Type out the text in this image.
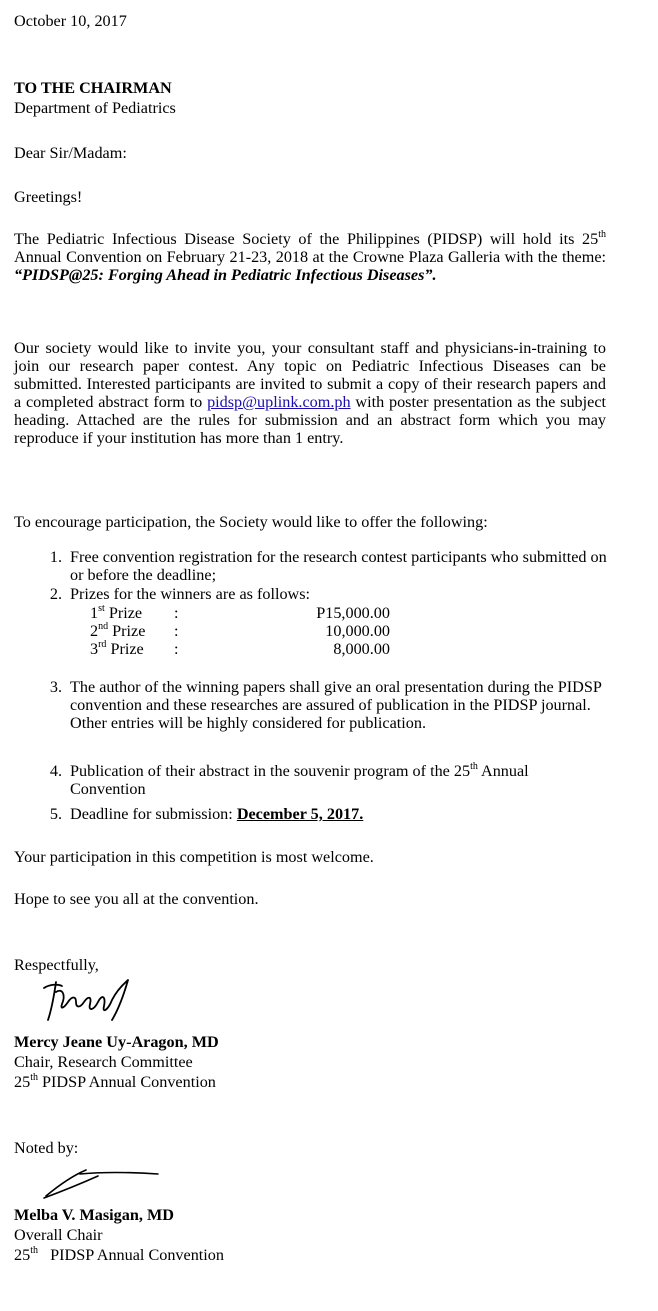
October 10, 2017
TO THE CHAIRMAN
Department of Pediatrics
Dear Sir/Madam:
Greetings!
The Pediatric Infectious Disease Society of the Philippines (PIDSP) will hold its 25th Annual Convention on February 21-23, 2018 at the Crowne Plaza Galleria with the theme: “PIDSP@25: Forging Ahead in Pediatric Infectious Diseases”.
Our society would like to invite you, your consultant staff and physicians-in-training to join our research paper contest. Any topic on Pediatric Infectious Diseases can be submitted. Interested participants are invited to submit a copy of their research papers and a completed abstract form to pidsp@uplink.com.ph with poster presentation as the subject heading. Attached are the rules for submission and an abstract form which you may reproduce if your institution has more than 1 entry.
To encourage participation, the Society would like to offer the following:
1. Free convention registration for the research contest participants who submitted on or before the deadline;
2. Prizes for the winners are as follows:
1st Prize :	P15,000.00
2nd Prize :	10,000.00
3rd Prize :	8,000.00
3. The author of the winning papers shall give an oral presentation during the PIDSP convention and these researches are assured of publication in the PIDSP journal. Other entries will be highly considered for publication.
4. Publication of their abstract in the souvenir program of the 25th Annual Convention
5. Deadline for submission: December 5, 2017.
Your participation in this competition is most welcome.
Hope to see you all at the convention.
Respectfully,
Mercy Jeane Uy-Aragon, MD
Chair, Research Committee
25th PIDSP Annual Convention
Noted by:
Melba V. Masigan, MD
Overall Chair
25th   PIDSP Annual Convention
